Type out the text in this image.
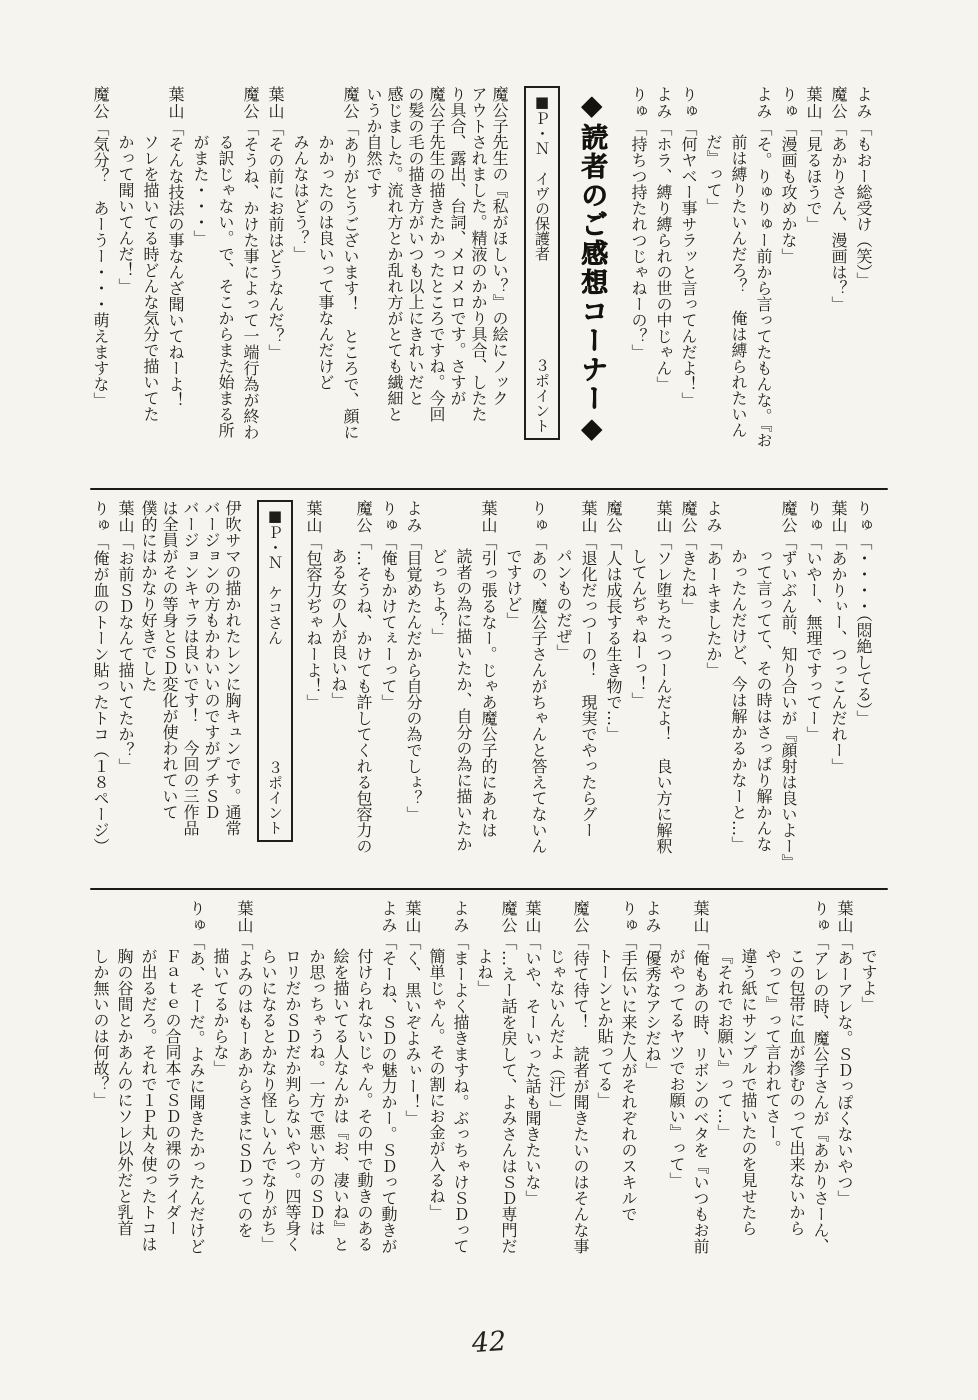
よみ「もおー総受け（笑）」
魔公「あかりさん、漫画は？」
葉山「見るほうで」
りゅ「漫画も攻めかな」
よみ「そ。りゅりゅー前から言ってたもんな。『お
前は縛りたいんだろ？　俺は縛られたいん
だ』って」
りゅ「何ヤベー事サラッと言ってんだよ！」
よみ「ホラ、縛り縛られの世の中じゃん」
りゅ「持ちつ持たれつじゃねーの？」
◆読者のご感想コーナー◆
■Ｐ・Ｎ　イヴの保護者
３ポイント
魔公子先生の『私がほしい？』の絵にノック
アウトされました。精液のかかり具合、したた
り具合、露出、台詞、メロメロです。さすが
魔公子先生の描きたかったところですね。今回
の髪の毛の描き方がいつも以上にきれいだと
感じました。流れ方とか乱れ方がとても繊細と
いうか自然です
魔公「ありがとうございます！　ところで、顔に
かかったのは良いって事なんだけど
みんなはどう？」
葉山「その前にお前はどうなんだ？」
魔公「そうね、かけた事によって一端行為が終わ
る訳じゃない。で、そこからまた始まる所
がまた・・・」
葉山「そんな技法の事なんざ聞いてねーよ！
ソレを描いてる時どんな気分で描いてた
かって聞いてんだ！」
魔公「気分？　あーうー・・・萌えますな」
りゅ「・・・・（悶絶してる）」
葉山「あかりぃー、つっこんだれー」
りゅ「いやー、無理ですってー」
魔公「ずいぶん前、知り合いが『顔射は良いよー』
って言ってて、その時はさっぱり解かんな
かったんだけど、今は解かるかなーと…」
よみ「あーキましたか」
魔公「きたね」
葉山「ソレ堕ちたっつーんだよ！　良い方に解釈
してんぢゃねーっ！」
魔公「人は成長する生き物で…」
葉山「退化だっつーの！　現実でやったらグー
パンものだぜ」
りゅ「あの、魔公子さんがちゃんと答えてないん
ですけど」
葉山「引っ張るなー。じゃあ魔公子的にあれは
読者の為に描いたか、自分の為に描いたか
どっちよ？」
よみ「目覚めたんだから自分の為でしょ？」
りゅ「俺もかけてぇーって」
魔公「…そうね、かけても許してくれる包容力の
ある女の人が良いね」
葉山「包容力ぢゃねーよ！」
■Ｐ・Ｎ　ケコさん
３ポイント
伊吹サマの描かれたレンに胸キュンです。通常
バージョンの方もかわいいのですがプチＳＤ
バージョンキャラは良いです！　今回の三作品
は全員がその等身とＳＤ変化が使われていて
僕的にはかなり好きでした
葉山「お前ＳＤなんて描いてたか？」
りゅ「俺が血のトーン貼ったトコ（１８ページ）
ですよ」
葉山「あーアレな。ＳＤっぽくないやつ」
りゅ「アレの時、魔公子さんが『あかりさーん、
この包帯に血が滲むのって出来ないから
やって』って言われてさー。
違う紙にサンプルで描いたのを見せたら
『それでお願い』って…」
葉山「俺もあの時、リボンのベタを『いつもお前
がやってるヤツでお願い』って」
よみ「優秀なアシだね」
りゅ「手伝いに来た人がそれぞれのスキルで
トーンとか貼ってる」
魔公「待て待て！　読者が聞きたいのはそんな事
じゃないんだよ（汗）」
葉山「いや、そーいった話も聞きたいな」
魔公「…えー話を戻して、よみさんはＳＤ専門だ
よね」
よみ「まーよく描きますね。ぶっちゃけＳＤって
簡単じゃん。その割にお金が入るね」
葉山「く、黒いぞよみぃー！」
よみ「そーね、ＳＤの魅力かー。ＳＤって動きが
付けられないじゃん。その中で動きのある
絵を描いてる人なんかは『お、凄いね』と
か思っちゃうね。一方で悪い方のＳＤは
ロリだかＳＤだか判らないやつ。四等身く
らいになるとかなり怪しいんでなりがち」
葉山「よみのはもーあからさまにＳＤってのを
描いてるからな」
りゅ「あ、そーだ。よみに聞きたかったんだけど
Ｆａｔｅの合同本でＳＤの裸のライダー
が出るだろ。それで１Ｐ丸々使ったトコは
胸の谷間とかあんのにソレ以外だと乳首
しか無いのは何故？」
42
